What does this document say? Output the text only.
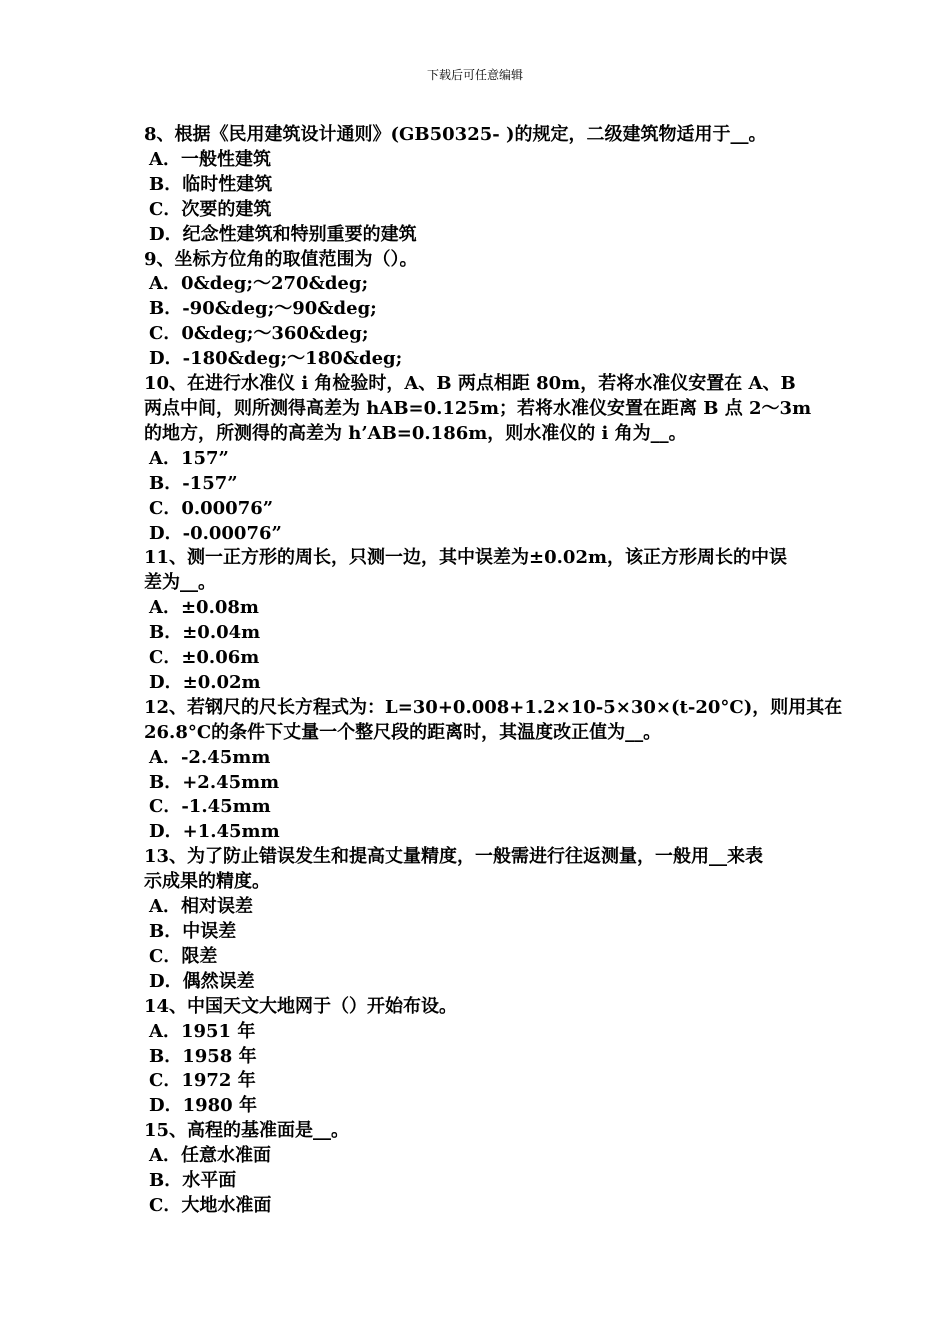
下载后可任意编辑
8、根据《民用建筑设计通则》(GB50325- )的规定，二级建筑物适用于__。
A．一般性建筑
B．临时性建筑
C．次要的建筑
D．纪念性建筑和特别重要的建筑
9、坐标方位角的取值范围为（）。
A．0&deg;～270&deg;
B．-90&deg;～90&deg;
C．0&deg;～360&deg;
D．-180&deg;～180&deg;
10、在进行水准仪 i 角检验时，A、B 两点相距 80m，若将水准仪安置在 A、B
两点中间，则所测得高差为 hAB=0.125m；若将水准仪安置在距离 B 点 2～3m
的地方，所测得的高差为 h’AB=0.186m，则水准仪的 i 角为__。
A．157”
B．-157”
C．0.00076”
D．-0.00076”
11、测一正方形的周长，只测一边，其中误差为±0.02m，该正方形周长的中误
差为__。
A．±0.08m
B．±0.04m
C．±0.06m
D．±0.02m
12、若钢尺的尺长方程式为：L=30+0.008+1.2×10-5×30×(t-20°C)，则用其在
26.8°C的条件下丈量一个整尺段的距离时，其温度改正值为__。
A．-2.45mm
B．+2.45mm
C．-1.45mm
D．+1.45mm
13、为了防止错误发生和提高丈量精度，一般需进行往返测量，一般用__来表
示成果的精度。
A．相对误差
B．中误差
C．限差
D．偶然误差
14、中国天文大地网于（）开始布设。
A．1951 年
B．1958 年
C．1972 年
D．1980 年
15、高程的基准面是__。
A．任意水准面
B．水平面
C．大地水准面
